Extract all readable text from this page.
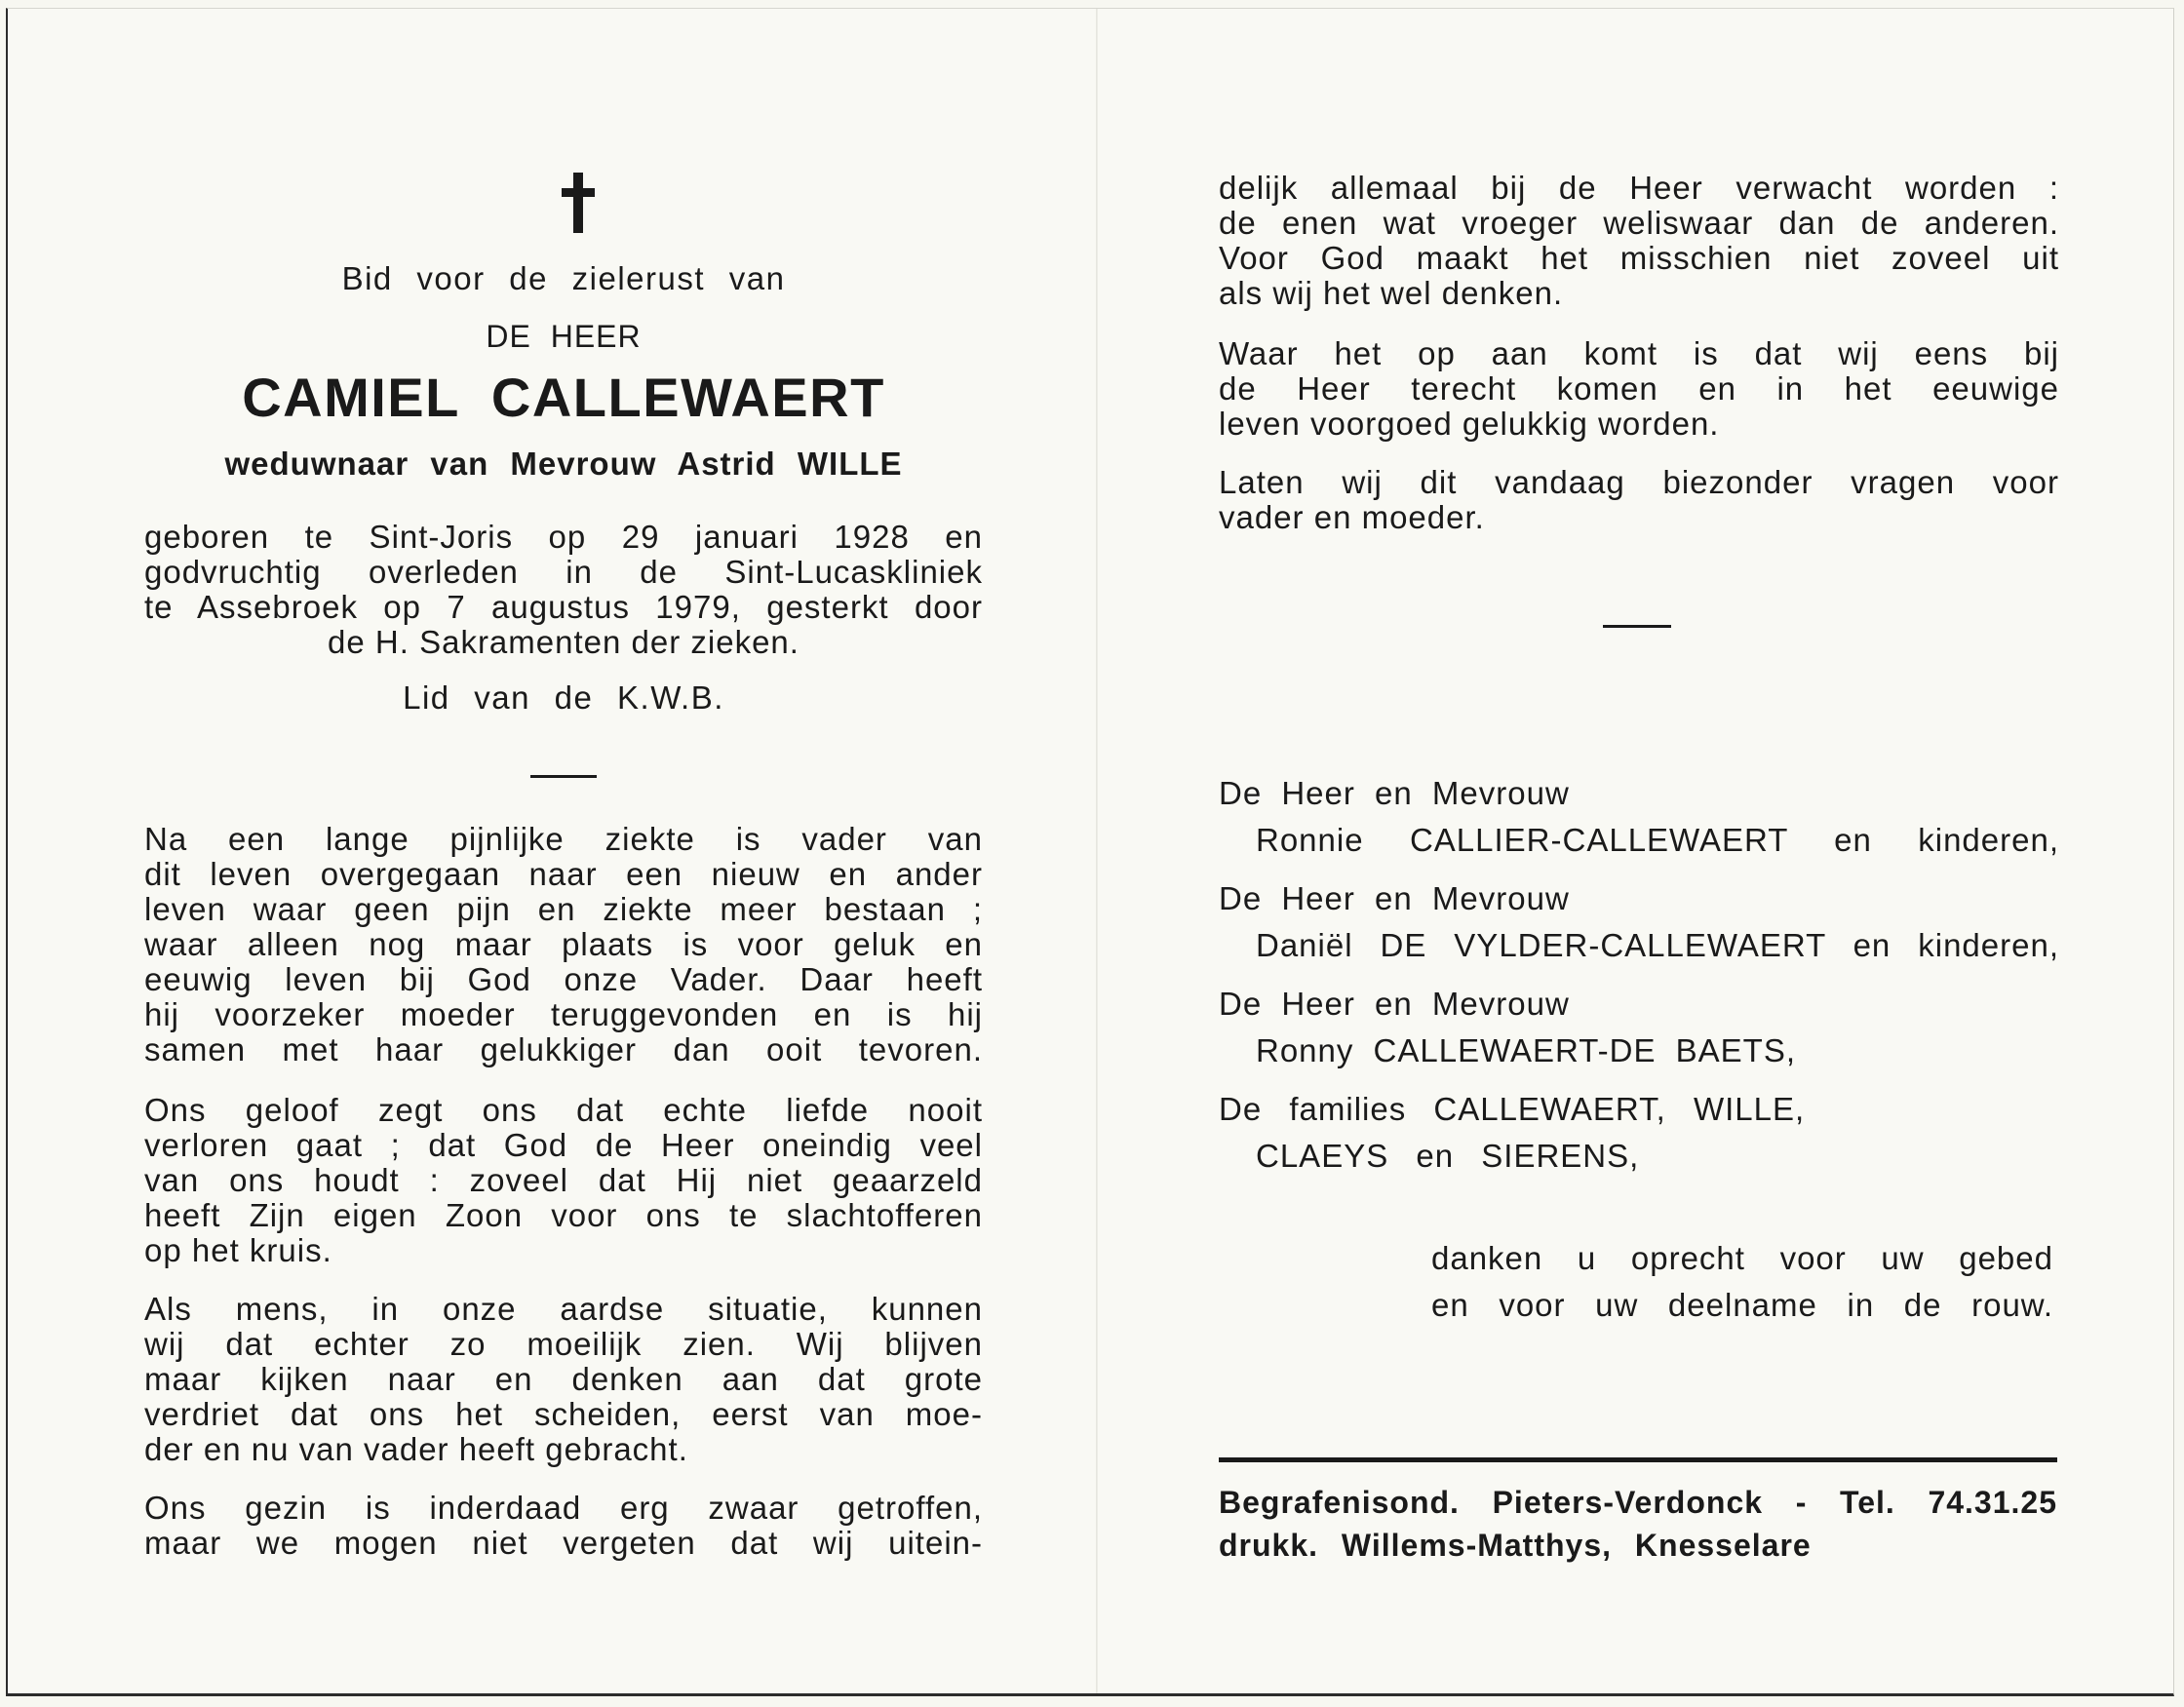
Bid voor de zielerust van

DE HEER

CAMIEL CALLEWAERT

weduwnaar van Mevrouw Astrid WILLE

geboren te Sint-Joris op 29 januari 1928 en

godvruchtig overleden in de Sint-Lucaskliniek

te Assebroek op 7 augustus 1979, gesterkt door

de H. Sakramenten der zieken.

Lid van de K.W.B.

Na een lange pijnlijke ziekte is vader van

dit leven overgegaan naar een nieuw en ander

leven waar geen pijn en ziekte meer bestaan ;

waar alleen nog maar plaats is voor geluk en

eeuwig leven bij God onze Vader. Daar heeft

hij voorzeker moeder teruggevonden en is hij

samen met haar gelukkiger dan ooit tevoren.

Ons geloof zegt ons dat echte liefde nooit

verloren gaat ; dat God de Heer oneindig veel

van ons houdt : zoveel dat Hij niet geaarzeld

heeft Zijn eigen Zoon voor ons te slachtofferen

op het kruis.

Als mens, in onze aardse situatie, kunnen

wij dat echter zo moeilijk zien. Wij blijven

maar kijken naar en denken aan dat grote

verdriet dat ons het scheiden, eerst van moe-

der en nu van vader heeft gebracht.

Ons gezin is inderdaad erg zwaar getroffen,

maar we mogen niet vergeten dat wij uitein-

delijk allemaal bij de Heer verwacht worden :

de enen wat vroeger weliswaar dan de anderen.

Voor God maakt het misschien niet zoveel uit

als wij het wel denken.

Waar het op aan komt is dat wij eens bij

de Heer terecht komen en in het eeuwige

leven voorgoed gelukkig worden.

Laten wij dit vandaag biezonder vragen voor

vader en moeder.

De Heer en Mevrouw

Ronnie CALLIER-CALLEWAERT en kinderen,

De Heer en Mevrouw

Daniël DE VYLDER-CALLEWAERT en kinderen,

De Heer en Mevrouw

Ronny CALLEWAERT-DE BAETS,

De families CALLEWAERT, WILLE,

CLAEYS en SIERENS,

danken u oprecht voor uw gebed

en voor uw deelname in de rouw.

Begrafenisond. Pieters-Verdonck - Tel. 74.31.25

drukk. Willems-Matthys, Knesselare
